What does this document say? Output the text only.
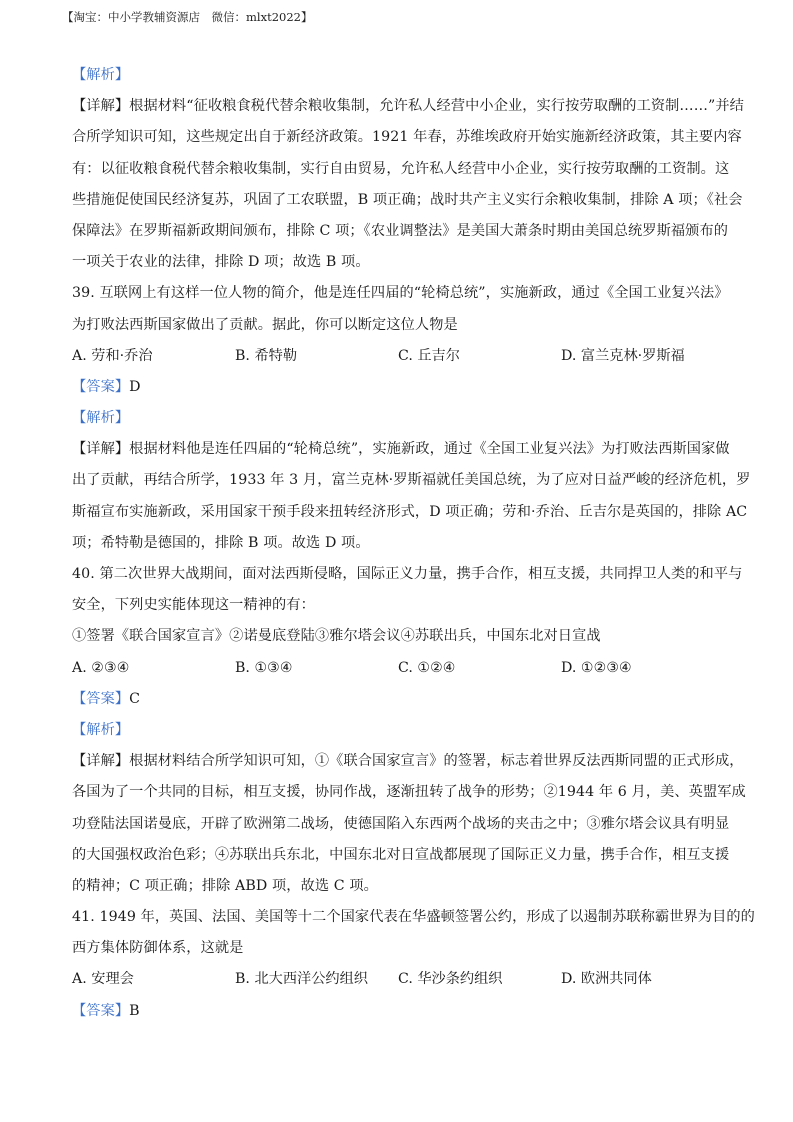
【淘宝：中小学教辅资源店　微信：mlxt2022】
【解析】
【详解】根据材料“征收粮食税代替余粮收集制，允许私人经营中小企业，实行按劳取酬的工资制……”并结
合所学知识可知，这些规定出自于新经济政策。1921 年春，苏维埃政府开始实施新经济政策，其主要内容
有：以征收粮食税代替余粮收集制，实行自由贸易，允许私人经营中小企业，实行按劳取酬的工资制。这
些措施促使国民经济复苏，巩固了工农联盟，B 项正确；战时共产主义实行余粮收集制，排除 A 项；《社会
保障法》在罗斯福新政期间颁布，排除 C 项；《农业调整法》是美国大萧条时期由美国总统罗斯福颁布的
一项关于农业的法律，排除 D 项；故选 B 项。
39. 互联网上有这样一位人物的简介，他是连任四届的“轮椅总统”，实施新政，通过《全国工业复兴法》
为打败法西斯国家做出了贡献。据此，你可以断定这位人物是
A. 劳和·乔治	B. 希特勒	C. 丘吉尔	D. 富兰克林·罗斯福
【答案】D
【解析】
【详解】根据材料他是连任四届的“轮椅总统”，实施新政，通过《全国工业复兴法》为打败法西斯国家做
出了贡献，再结合所学，1933 年 3 月，富兰克林·罗斯福就任美国总统，为了应对日益严峻的经济危机，罗
斯福宣布实施新政，采用国家干预手段来扭转经济形式，D 项正确；劳和·乔治、丘吉尔是英国的，排除 AC
项；希特勒是德国的，排除 B 项。故选 D 项。
40. 第二次世界大战期间，面对法西斯侵略，国际正义力量，携手合作，相互支援，共同捍卫人类的和平与
安全，下列史实能体现这一精神的有：
①签署《联合国家宣言》②诺曼底登陆③雅尔塔会议④苏联出兵，中国东北对日宣战
A. ②③④	B. ①③④	C. ①②④	D. ①②③④
【答案】C
【解析】
【详解】根据材料结合所学知识可知，①《联合国家宣言》的签署，标志着世界反法西斯同盟的正式形成，
各国为了一个共同的目标，相互支援，协同作战，逐渐扭转了战争的形势；②1944 年 6 月，美、英盟军成
功登陆法国诺曼底，开辟了欧洲第二战场，使德国陷入东西两个战场的夹击之中；③雅尔塔会议具有明显
的大国强权政治色彩；④苏联出兵东北，中国东北对日宣战都展现了国际正义力量，携手合作，相互支援
的精神；C 项正确；排除 ABD 项，故选 C 项。
41. 1949 年，英国、法国、美国等十二个国家代表在华盛顿签署公约，形成了以遏制苏联称霸世界为目的的
西方集体防御体系，这就是
A. 安理会	B. 北大西洋公约组织	C. 华沙条约组织	D. 欧洲共同体
【答案】B
